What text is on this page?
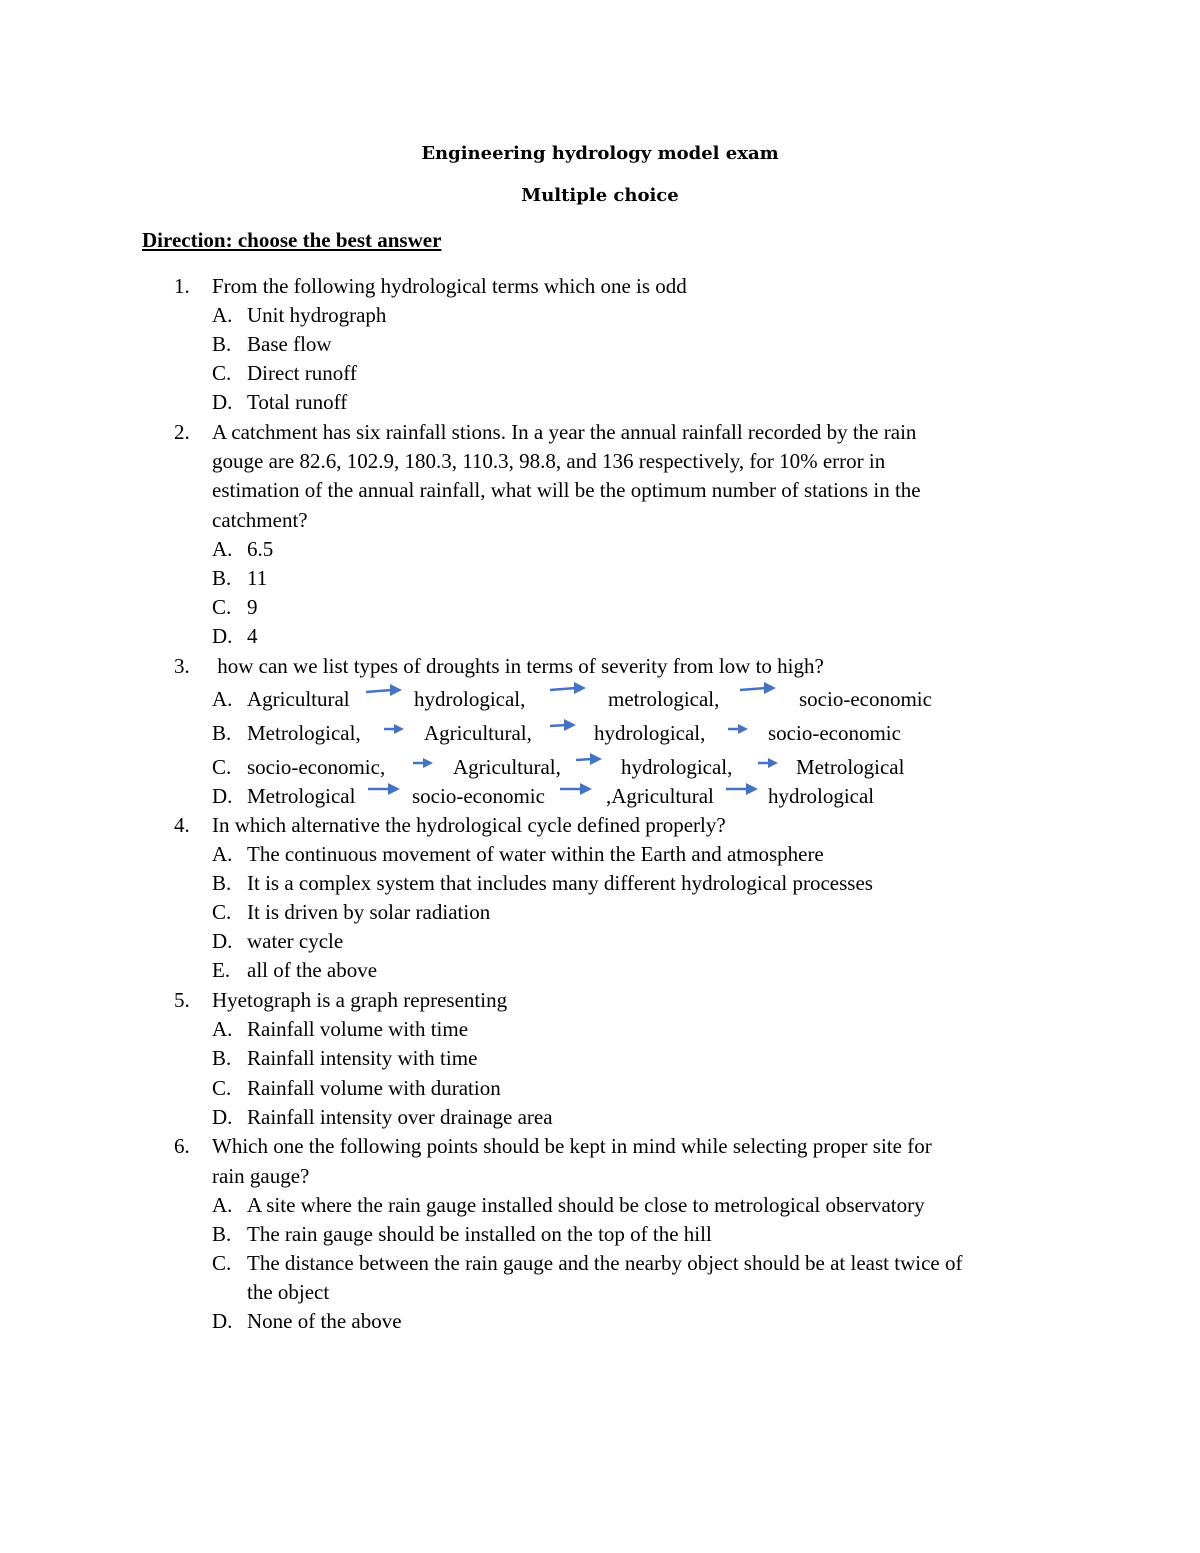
Engineering hydrology model exam
Multiple choice
Direction: choose the best answer
1. From the following hydrological terms which one is odd
A. Unit hydrograph
B. Base flow
C. Direct runoff
D. Total runoff
2. A catchment has six rainfall stions. In a year the annual rainfall recorded by the rain
gouge are 82.6, 102.9, 180.3, 110.3, 98.8, and 136 respectively, for 10% error in
estimation of the annual rainfall, what will be the optimum number of stations in the
catchment?
A. 6.5
B. 11
C. 9
D. 4
3. how can we list types of droughts in terms of severity from low to high?
A. Agricultural	hydrological,	metrological,	socio-economic
B. Metrological,	Agricultural,	hydrological,	socio-economic
C. socio-economic,	Agricultural,	hydrological,	Metrological
D. Metrological	socio-economic	,Agricultural	hydrological
4. In which alternative the hydrological cycle defined properly?
A. The continuous movement of water within the Earth and atmosphere
B. It is a complex system that includes many different hydrological processes
C. It is driven by solar radiation
D. water cycle
E. all of the above
5. Hyetograph is a graph representing
A. Rainfall volume with time
B. Rainfall intensity with time
C. Rainfall volume with duration
D. Rainfall intensity over drainage area
6. Which one the following points should be kept in mind while selecting proper site for
rain gauge?
A. A site where the rain gauge installed should be close to metrological observatory
B. The rain gauge should be installed on the top of the hill
C. The distance between the rain gauge and the nearby object should be at least twice of
the object
D. None of the above
